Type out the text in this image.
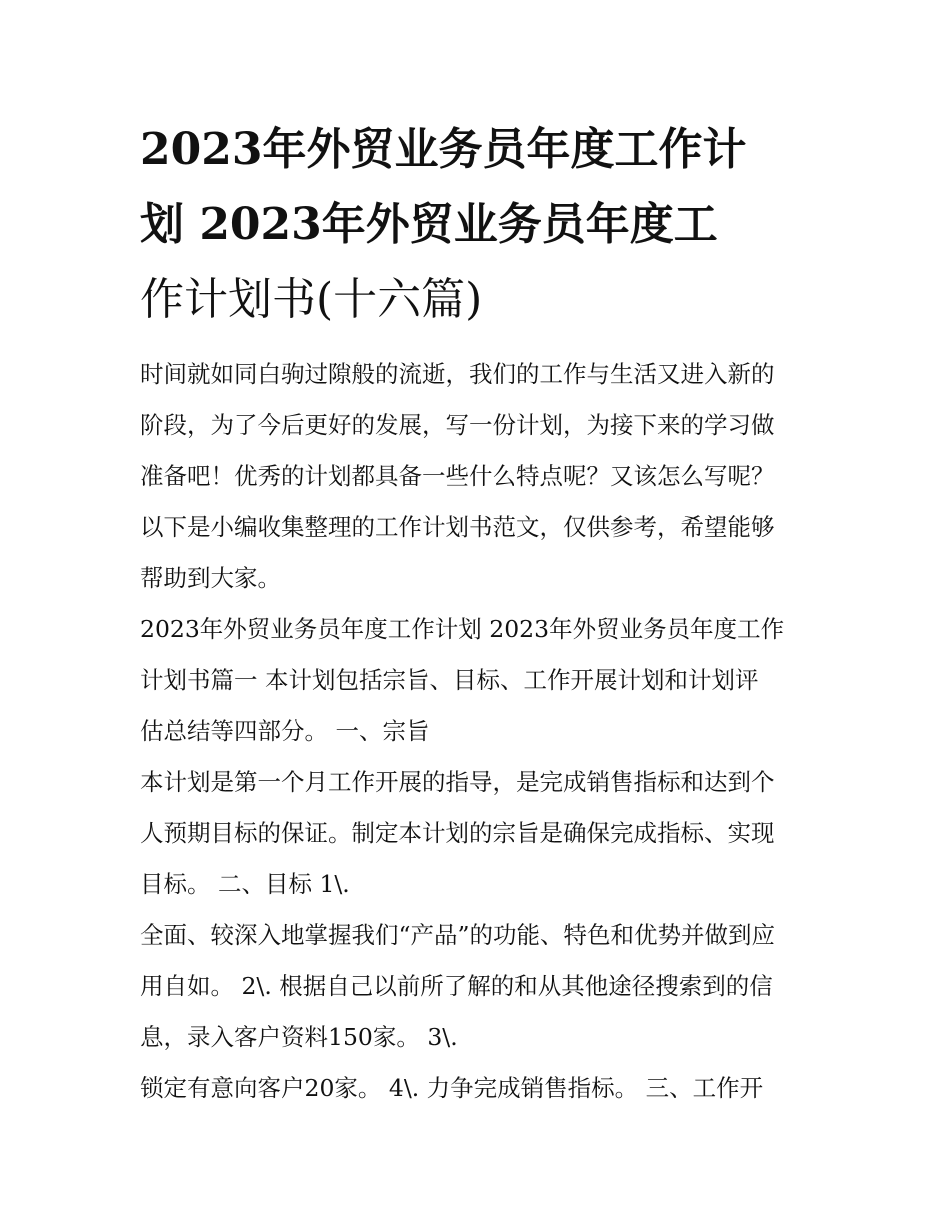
2023年外贸业务员年度工作计
划 2023年外贸业务员年度工
作计划书(十六篇)
时间就如同白驹过隙般的流逝，我们的工作与生活又进入新的
阶段，为了今后更好的发展，写一份计划，为接下来的学习做
准备吧！优秀的计划都具备一些什么特点呢？又该怎么写呢？
以下是小编收集整理的工作计划书范文，仅供参考，希望能够
帮助到大家。
2023年外贸业务员年度工作计划 2023年外贸业务员年度工作
计划书篇一 本计划包括宗旨、目标、工作开展计划和计划评
估总结等四部分。 一、宗旨
本计划是第一个月工作开展的指导，是完成销售指标和达到个
人预期目标的保证。制定本计划的宗旨是确保完成指标、实现
目标。 二、目标 1\.
全面、较深入地掌握我们“产品”的功能、特色和优势并做到应
用自如。 2\. 根据自己以前所了解的和从其他途径搜索到的信
息，录入客户资料150家。 3\.
锁定有意向客户20家。 4\. 力争完成销售指标。 三、工作开
